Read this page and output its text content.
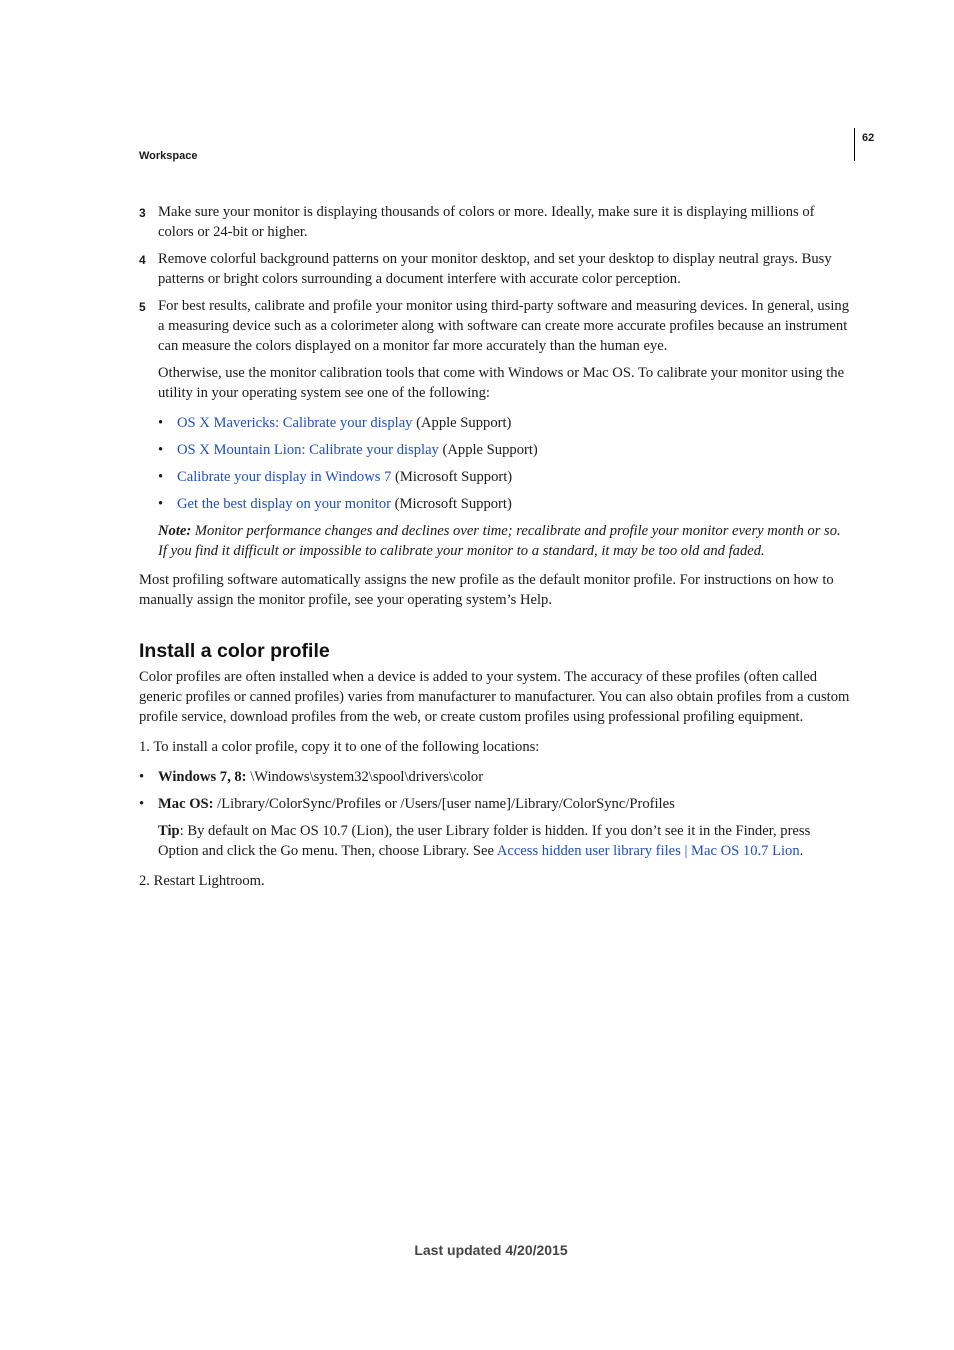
Workspace
62
3 Make sure your monitor is displaying thousands of colors or more. Ideally, make sure it is displaying millions of colors or 24-bit or higher.
4 Remove colorful background patterns on your monitor desktop, and set your desktop to display neutral grays. Busy patterns or bright colors surrounding a document interfere with accurate color perception.
5 For best results, calibrate and profile your monitor using third-party software and measuring devices. In general, using a measuring device such as a colorimeter along with software can create more accurate profiles because an instrument can measure the colors displayed on a monitor far more accurately than the human eye.

Otherwise, use the monitor calibration tools that come with Windows or Mac OS. To calibrate your monitor using the utility in your operating system see one of the following:

• OS X Mavericks: Calibrate your display (Apple Support)
• OS X Mountain Lion: Calibrate your display (Apple Support)
• Calibrate your display in Windows 7 (Microsoft Support)
• Get the best display on your monitor (Microsoft Support)

Note: Monitor performance changes and declines over time; recalibrate and profile your monitor every month or so. If you find it difficult or impossible to calibrate your monitor to a standard, it may be too old and faded.

Most profiling software automatically assigns the new profile as the default monitor profile. For instructions on how to manually assign the monitor profile, see your operating system’s Help.

Install a color profile

Color profiles are often installed when a device is added to your system. The accuracy of these profiles (often called generic profiles or canned profiles) varies from manufacturer to manufacturer. You can also obtain profiles from a custom profile service, download profiles from the web, or create custom profiles using professional profiling equipment.

1. To install a color profile, copy it to one of the following locations:

• Windows 7, 8: \Windows\system32\spool\drivers\color
• Mac OS: /Library/ColorSync/Profiles or /Users/[user name]/Library/ColorSync/Profiles

Tip: By default on Mac OS 10.7 (Lion), the user Library folder is hidden. If you don’t see it in the Finder, press Option and click the Go menu. Then, choose Library. See Access hidden user library files | Mac OS 10.7 Lion.

2. Restart Lightroom.

Last updated 4/20/2015
